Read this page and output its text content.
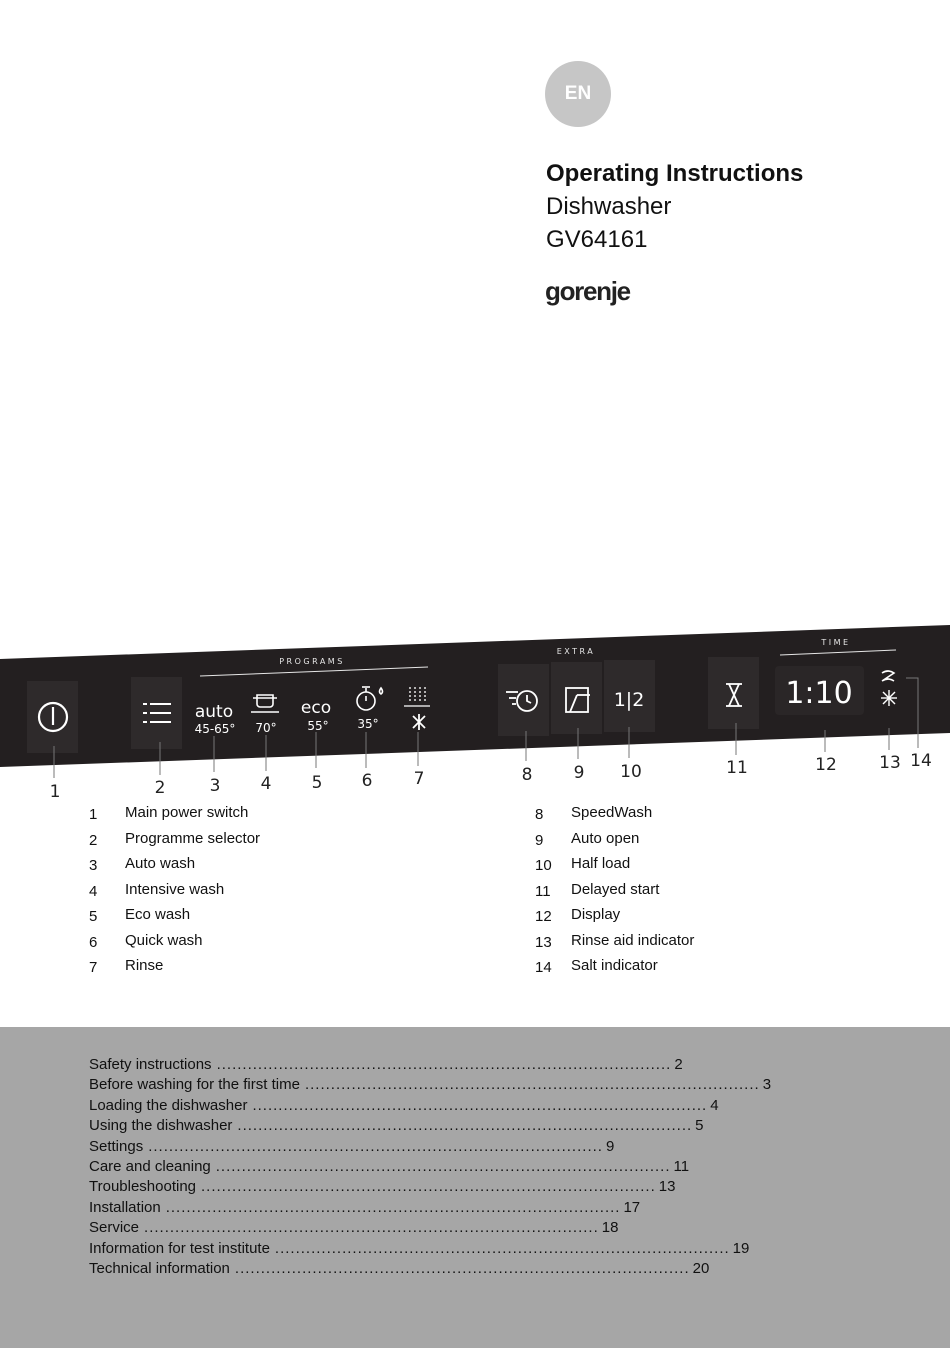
EN
Operating Instructions
Dishwasher
GV64161
gorenje
PROGRAMS
EXTRA
TIME
auto
45-65° 70°
eco
55° 35°
1|2	1:10
1	2	3 4 5 6 7	8 9 10	11	12 13 14
1	Main power switch
2	Programme selector
3	Auto wash
4	Intensive wash
5	Eco wash
6	Quick wash
7	Rinse
8	SpeedWash
9	Auto open
10	Half load
11	Delayed start
12	Display
13	Rinse aid indicator
14	Salt indicator
Safety instructions ........................................................................................ 2
Before washing for the first time ........................................................................................ 3
Loading the dishwasher ........................................................................................ 4
Using the dishwasher ........................................................................................ 5
Settings ........................................................................................ 9
Care and cleaning ........................................................................................ 11
Troubleshooting ........................................................................................ 13
Installation ........................................................................................ 17
Service ........................................................................................ 18
Information for test institute ........................................................................................ 19
Technical information ........................................................................................ 20
